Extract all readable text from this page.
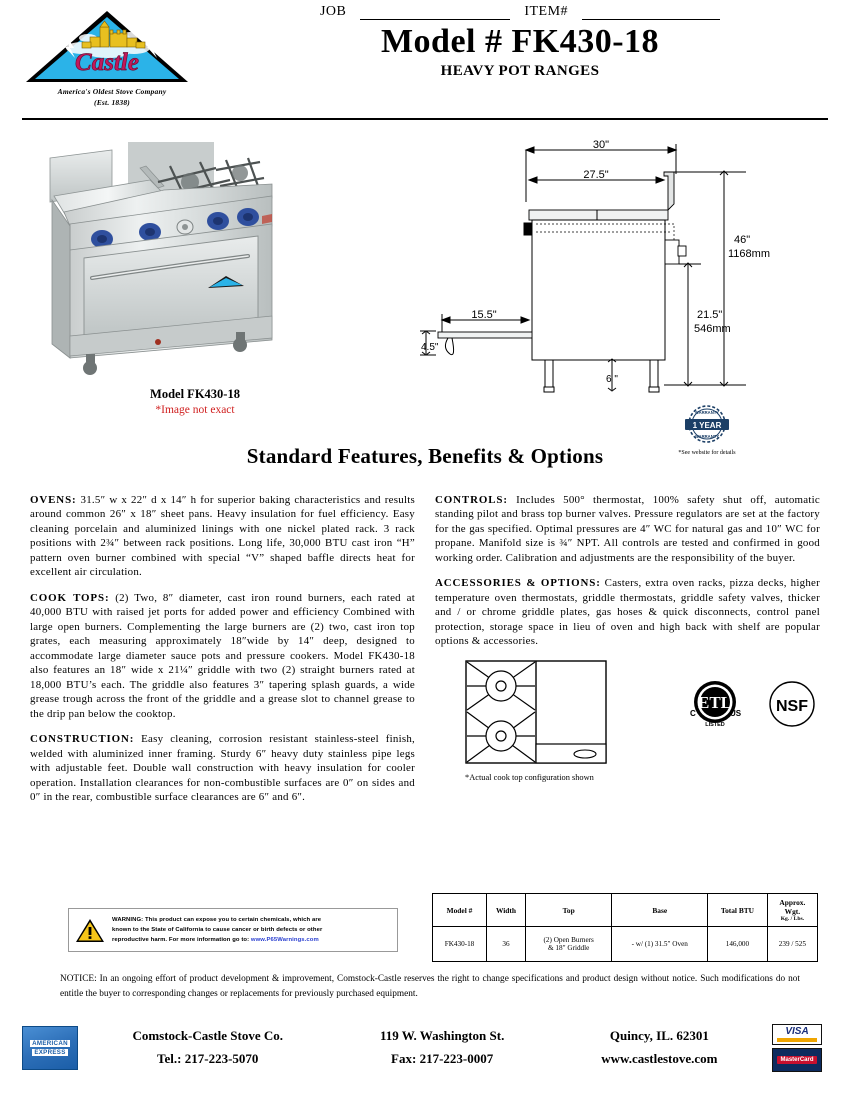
Castle
America's Oldest Stove Company
(Est. 1838)
JOB	ITEM#
Model # FK430-18
HEAVY POT RANGES
Model FK430-18
*Image not exact
30"
27.5"
15.5"
4.5"
6 "
46"
1168mm
21.5"
546mm
1 YEAR
WARRANTY
WARRANTY
*See website for details
Standard Features, Benefits & Options

OVENS: 31.5″ w x 22″ d x 14″ h for superior baking characteristics and results around common 26″ x 18″ sheet pans. Heavy insulation for fuel efficiency. Easy cleaning porcelain and aluminized linings with one nickel plated rack. 3 rack positions with 2¾″ between rack positions. Long life, 30,000 BTU cast iron “H” pattern oven burner combined with special “V” shaped baffle directs heat for excellent air circulation.

COOK TOPS: (2) Two, 8″ diameter, cast iron round burners, each rated at 40,000 BTU with raised jet ports for added power and efficiency Combined with large open burners. Complementing the large burners are (2) two, cast iron top grates, each measuring approximately 18″wide by 14″ deep, designed to accommodate large diameter sauce pots and pressure cookers. Model FK430-18 also features an 18″ wide x 21¼″ griddle with two (2) straight burners rated at 18,000 BTU’s each. The griddle also features 3″ tapering splash guards, a wide grease trough across the front of the griddle and a grease slot to channel grease to the drip pan below the cooktop.

CONSTRUCTION: Easy cleaning, corrosion resistant stainless-steel finish, welded with aluminized inner framing. Sturdy 6″ heavy duty stainless pipe legs with adjustable feet. Double wall construction with heavy insulation for cooler operation. Installation clearances for non-combustible surfaces are 0″ on sides and 0″ in the rear, combustible surface clearances are 6″ and 6″.

CONTROLS: Includes 500° thermostat, 100% safety shut off, automatic standing pilot and brass top burner valves. Pressure regulators are set at the factory for the gas specified. Optimal pressures are 4″ WC for natural gas and 10″ WC for propane. Manifold size is ¾″ NPT. All controls are tested and confirmed in good working order. Calibration and adjustments are the responsibility of the buyer.

ACCESSORIES & OPTIONS: Casters, extra oven racks, pizza decks, higher temperature oven thermostats, griddle thermostats, griddle safety valves, thicker and / or chrome griddle plates, gas hoses & quick disconnects, control panel protection, storage space in lieu of oven and high back with shelf are popular options & accessories.

*Actual cook top configuration shown
ETL
C	US
LISTED
NSF
WARNING: This product can expose you to certain chemicals, which are
known to the State of California to cause cancer or birth defects or other
reproductive harm. For more information go to: www.P65Warnings.com
Model #	Width	Top	Base	Total BTU	Approx.
Wgt.
Kg. / Lbs.

FK430-18	36	(2) Open Burners
& 18″ Griddle	- w/ (1) 31.5″ Oven	146,000	239 / 525
NOTICE: In an ongoing effort of product development & improvement, Comstock-Castle reserves the right to change specifications and product design without notice. Such modifications do not entitle the buyer to corresponding changes or replacements for previously purchased equipment.
AMERICAN
EXPRESS
Comstock-Castle Stove Co.
Tel.: 217-223-5070
119 W. Washington St.
Fax: 217-223-0007
Quincy, IL. 62301
www.castlestove.com
VISA
MasterCard
